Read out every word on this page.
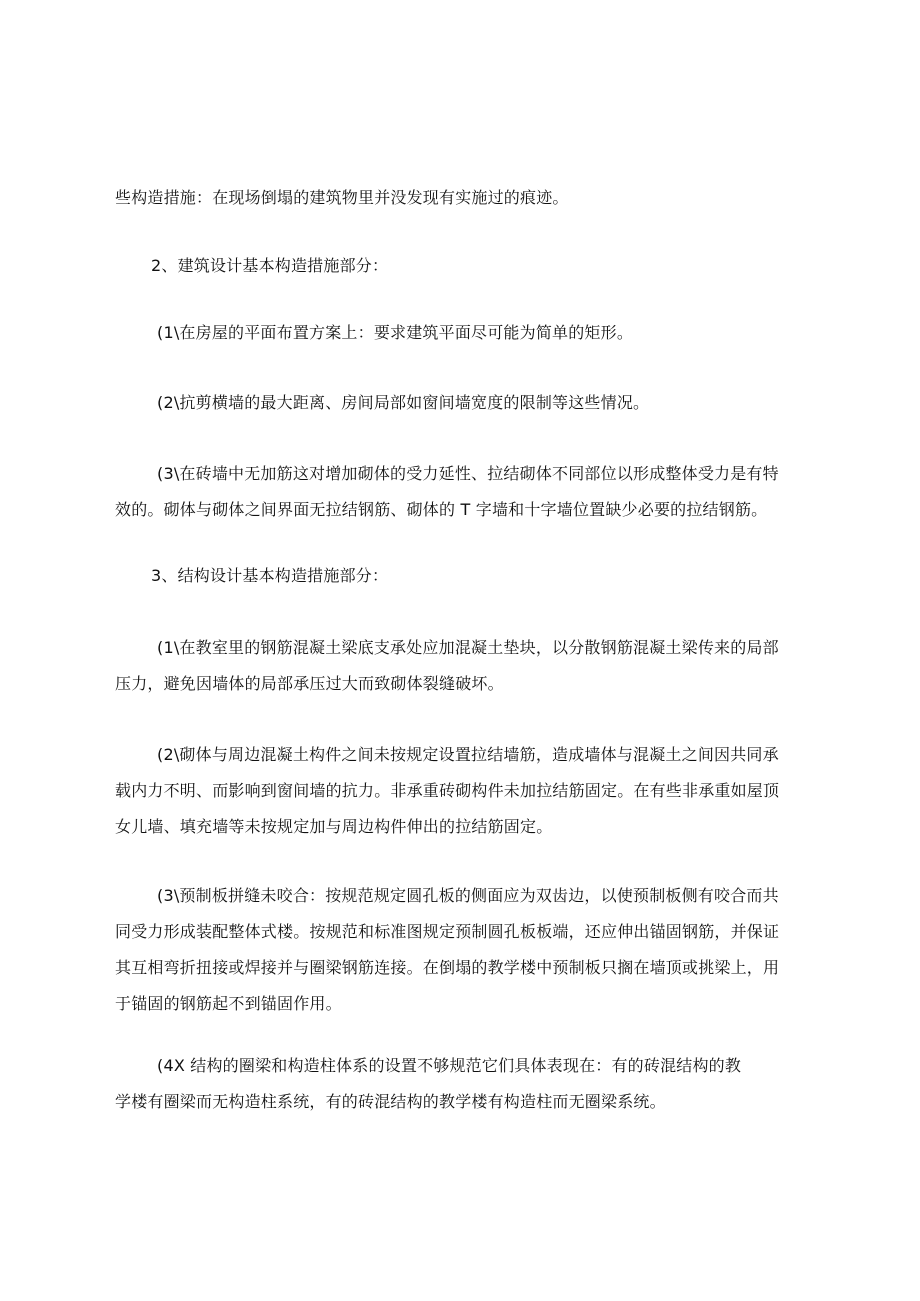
些构造措施：在现场倒塌的建筑物里并没发现有实施过的痕迹。
2、建筑设计基本构造措施部分：
(1\在房屋的平面布置方案上：要求建筑平面尽可能为简单的矩形。
(2\抗剪横墙的最大距离、房间局部如窗间墙宽度的限制等这些情况。
(3\在砖墙中无加筋这对增加砌体的受力延性、拉结砌体不同部位以形成整体受力是有特
效的。砌体与砌体之间界面无拉结钢筋、砌体的 T 字墙和十字墙位置缺少必要的拉结钢筋。
3、结构设计基本构造措施部分：
(1\在教室里的钢筋混凝土梁底支承处应加混凝土垫块，以分散钢筋混凝土梁传来的局部
压力，避免因墙体的局部承压过大而致砌体裂缝破坏。
(2\砌体与周边混凝土构件之间未按规定设置拉结墙筋，造成墙体与混凝土之间因共同承
载内力不明、而影响到窗间墙的抗力。非承重砖砌构件未加拉结筋固定。在有些非承重如屋顶
女儿墙、填充墙等未按规定加与周边构件伸出的拉结筋固定。
(3\预制板拼缝未咬合：按规范规定圆孔板的侧面应为双齿边，以使预制板侧有咬合而共
同受力形成装配整体式楼。按规范和标准图规定预制圆孔板板端，还应伸出锚固钢筋，并保证
其互相弯折扭接或焊接并与圈梁钢筋连接。在倒塌的教学楼中预制板只搁在墙顶或挑梁上，用
于锚固的钢筋起不到锚固作用。
(4X 结构的圈梁和构造柱体系的设置不够规范它们具体表现在：有的砖混结构的教
学楼有圈梁而无构造柱系统，有的砖混结构的教学楼有构造柱而无圈梁系统。
